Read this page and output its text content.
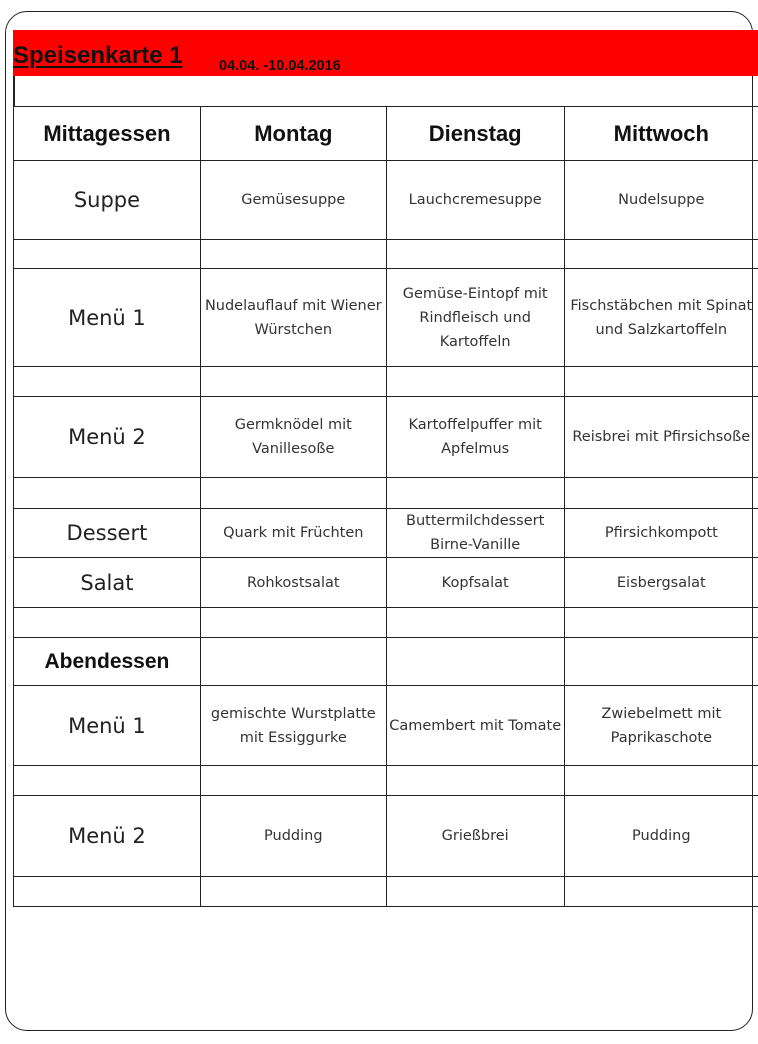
Speisenkarte 1	04.04. -10.04.2016
Mittagessen	Montag	Dienstag	Mittwoch
Suppe	Gemüsesuppe	Lauchcremesuppe	Nudelsuppe

Menü 1	Nudelauflauf mit Wiener Würstchen	Gemüse-Eintopf mit Rindfleisch und Kartoffeln	Fischstäbchen mit Spinat und Salzkartoffeln

Menü 2	Germknödel mit Vanillesoße	Kartoffelpuffer mit Apfelmus	Reisbrei mit Pfirsichsoße

Dessert	Quark mit Früchten	Buttermilchdessert Birne-Vanille	Pfirsichkompott
Salat	Rohkostsalat	Kopfsalat	Eisbergsalat

Abendessen			
Menü 1	gemischte Wurstplatte mit Essiggurke	Camembert mit Tomate	Zwiebelmett mit Paprikaschote

Menü 2	Pudding	Grießbrei	Pudding
